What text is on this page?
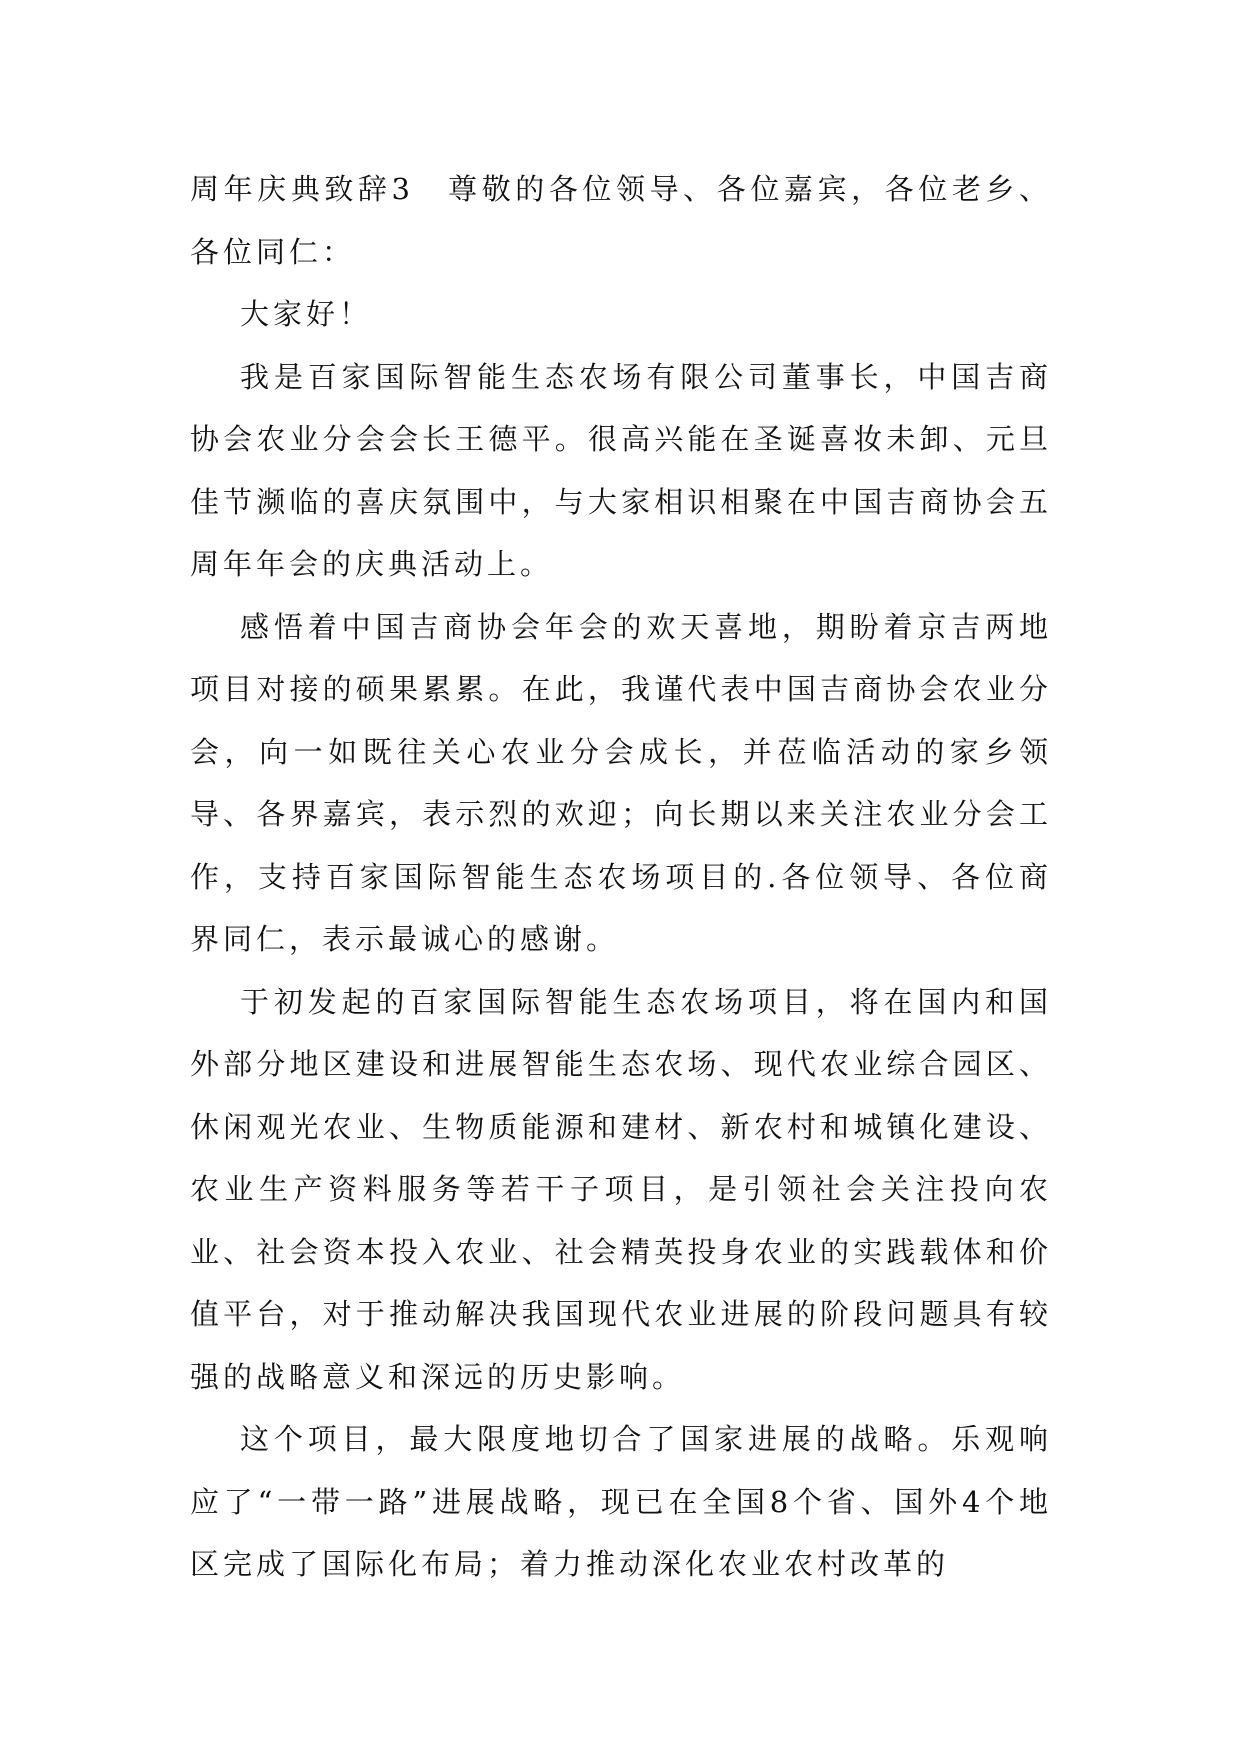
周年庆典致辞3　尊敬的各位领导、各位嘉宾，各位老乡、各位同仁：

大家好！

我是百家国际智能生态农场有限公司董事长，中国吉商协会农业分会会长王德平。很高兴能在圣诞喜妆未卸、元旦佳节濒临的喜庆氛围中，与大家相识相聚在中国吉商协会五周年年会的庆典活动上。

感悟着中国吉商协会年会的欢天喜地，期盼着京吉两地项目对接的硕果累累。在此，我谨代表中国吉商协会农业分会，向一如既往关心农业分会成长，并莅临活动的家乡领导、各界嘉宾，表示烈的欢迎；向长期以来关注农业分会工作，支持百家国际智能生态农场项目的.各位领导、各位商界同仁，表示最诚心的感谢。

于初发起的百家国际智能生态农场项目，将在国内和国外部分地区建设和进展智能生态农场、现代农业综合园区、休闲观光农业、生物质能源和建材、新农村和城镇化建设、农业生产资料服务等若干子项目，是引领社会关注投向农业、社会资本投入农业、社会精英投身农业的实践载体和价值平台，对于推动解决我国现代农业进展的阶段问题具有较强的战略意义和深远的历史影响。

这个项目，最大限度地切合了国家进展的战略。乐观响应了“一带一路”进展战略，现已在全国8个省、国外4个地区完成了国际化布局；着力推动深化农业农村改革的
